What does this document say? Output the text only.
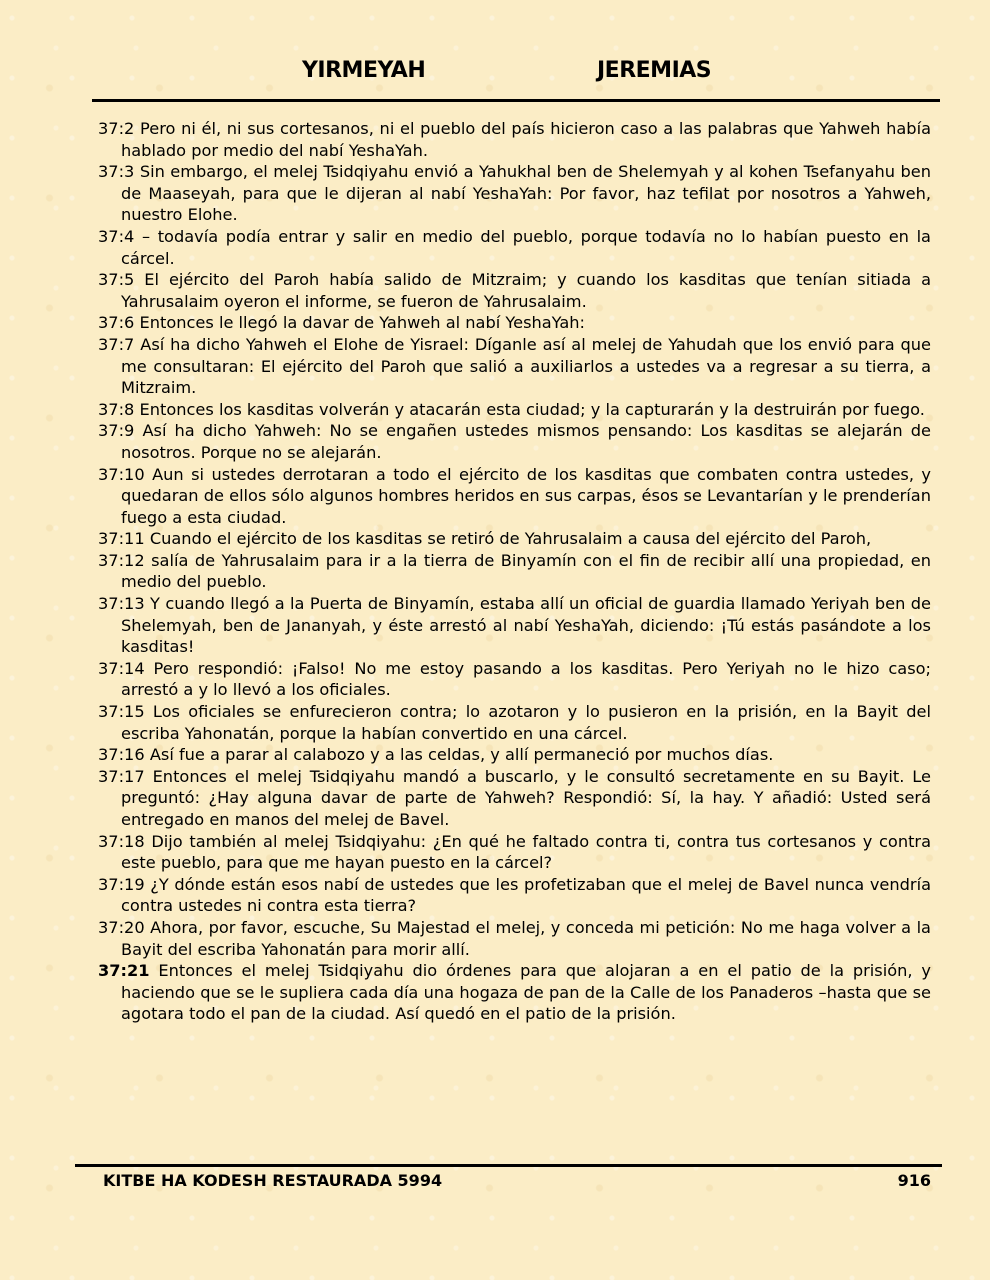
YIRMEYAH	JEREMIAS

37:2 Pero ni él, ni sus cortesanos, ni el pueblo del país hicieron caso a las palabras que Yahweh había hablado por medio del nabí YeshaYah.

37:3 Sin embargo, el melej Tsidqiyahu envió a Yahukhal ben de Shelemyah y al kohen Tsefanyahu ben de Maaseyah, para que le dijeran al nabí YeshaYah: Por favor, haz tefilat por nosotros a Yahweh, nuestro Elohe.

37:4 – todavía podía entrar y salir en medio del pueblo, porque todavía no lo habían puesto en la cárcel.

37:5 El ejército del Paroh había salido de Mitzraim; y cuando los kasditas que tenían sitiada a Yahrusalaim oyeron el informe, se fueron de Yahrusalaim.

37:6 Entonces le llegó la davar de Yahweh al nabí YeshaYah:

37:7 Así ha dicho Yahweh el Elohe de Yisrael: Díganle así al melej de Yahudah que los envió para que me consultaran: El ejército del Paroh que salió a auxiliarlos a ustedes va a regresar a su tierra, a Mitzraim.

37:8 Entonces los kasditas volverán y atacarán esta ciudad; y la capturarán y la destruirán por fuego.

37:9 Así ha dicho Yahweh: No se engañen ustedes mismos pensando: Los kasditas se alejarán de nosotros. Porque no se alejarán.

37:10 Aun si ustedes derrotaran a todo el ejército de los kasditas que combaten contra ustedes, y quedaran de ellos sólo algunos hombres heridos en sus carpas, ésos se Levantarían y le prenderían fuego a esta ciudad.

37:11 Cuando el ejército de los kasditas se retiró de Yahrusalaim a causa del ejército del Paroh,

37:12 salía de Yahrusalaim para ir a la tierra de Binyamín con el fin de recibir allí una propiedad, en medio del pueblo.

37:13 Y cuando llegó a la Puerta de Binyamín, estaba allí un oficial de guardia llamado Yeriyah ben de Shelemyah, ben de Jananyah, y éste arrestó al nabí YeshaYah, diciendo: ¡Tú estás pasándote a los kasditas!

37:14 Pero respondió: ¡Falso! No me estoy pasando a los kasditas. Pero Yeriyah no le hizo caso; arrestó a y lo llevó a los oficiales.

37:15 Los oficiales se enfurecieron contra; lo azotaron y lo pusieron en la prisión, en la Bayit del escriba Yahonatán, porque la habían convertido en una cárcel.

37:16 Así fue a parar al calabozo y a las celdas, y allí permaneció por muchos días.

37:17 Entonces el melej Tsidqiyahu mandó a buscarlo, y le consultó secretamente en su Bayit. Le preguntó: ¿Hay alguna davar de parte de Yahweh? Respondió: Sí, la hay. Y añadió: Usted será entregado en manos del melej de Bavel.

37:18 Dijo también al melej Tsidqiyahu: ¿En qué he faltado contra ti, contra tus cortesanos y contra este pueblo, para que me hayan puesto en la cárcel?

37:19 ¿Y dónde están esos nabí de ustedes que les profetizaban que el melej de Bavel nunca vendría contra ustedes ni contra esta tierra?

37:20 Ahora, por favor, escuche, Su Majestad el melej, y conceda mi petición: No me haga volver a la Bayit del escriba Yahonatán para morir allí.

37:21 Entonces el melej Tsidqiyahu dio órdenes para que alojaran a en el patio de la prisión, y haciendo que se le supliera cada día una hogaza de pan de la Calle de los Panaderos –hasta que se agotara todo el pan de la ciudad. Así quedó en el patio de la prisión.

KITBE HA KODESH RESTAURADA 5994	916
